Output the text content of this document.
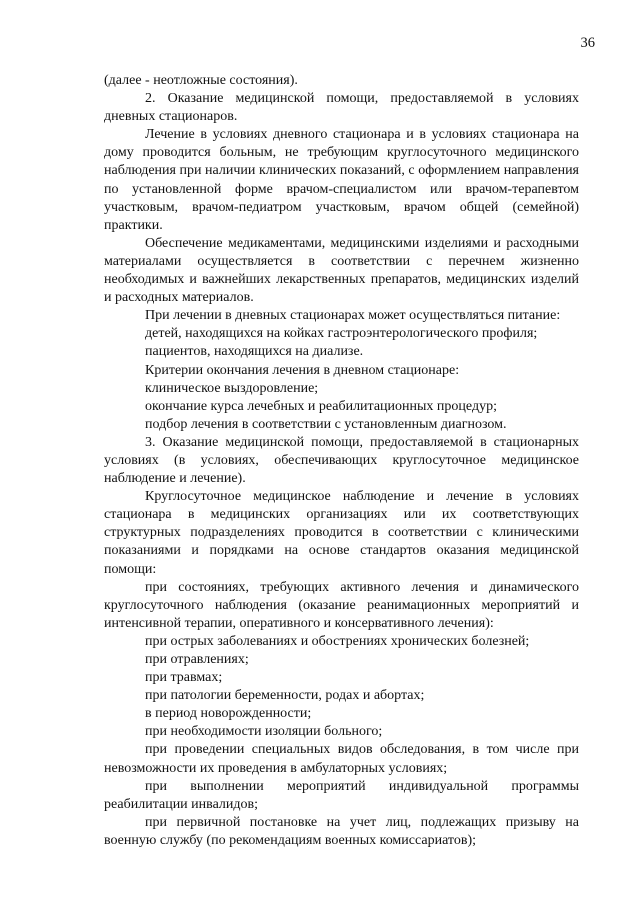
36

(далее - неотложные состояния).

2. Оказание медицинской помощи, предоставляемой в условиях дневных стационаров.

Лечение в условиях дневного стационара и в условиях стационара на дому проводится больным, не требующим круглосуточного медицинского наблюдения при наличии клинических показаний, с оформлением направления по установленной форме врачом-специалистом или врачом-терапевтом участковым, врачом-педиатром участковым, врачом общей (семейной) практики.

Обеспечение медикаментами, медицинскими изделиями и расходными материалами осуществляется в соответствии с перечнем жизненно необходимых и важнейших лекарственных препаратов, медицинских изделий и расходных материалов.

При лечении в дневных стационарах может осуществляться питание:

детей, находящихся на койках гастроэнтерологического профиля;

пациентов, находящихся на диализе.

Критерии окончания лечения в дневном стационаре:

клиническое выздоровление;

окончание курса лечебных и реабилитационных процедур;

подбор лечения в соответствии с установленным диагнозом.

3. Оказание медицинской помощи, предоставляемой в стационарных условиях (в условиях, обеспечивающих круглосуточное медицинское наблюдение и лечение).

Круглосуточное медицинское наблюдение и лечение в условиях стационара в медицинских организациях или их соответствующих структурных подразделениях проводится в соответствии с клиническими показаниями и порядками на основе стандартов оказания медицинской помощи:

при состояниях, требующих активного лечения и динамического круглосуточного наблюдения (оказание реанимационных мероприятий и интенсивной терапии, оперативного и консервативного лечения):

при острых заболеваниях и обострениях хронических болезней;

при отравлениях;

при травмах;

при патологии беременности, родах и абортах;

в период новорожденности;

при необходимости изоляции больного;

при проведении специальных видов обследования, в том числе при невозможности их проведения в амбулаторных условиях;

при выполнении мероприятий индивидуальной программы реабилитации инвалидов;

при первичной постановке на учет лиц, подлежащих призыву на военную службу (по рекомендациям военных комиссариатов);
